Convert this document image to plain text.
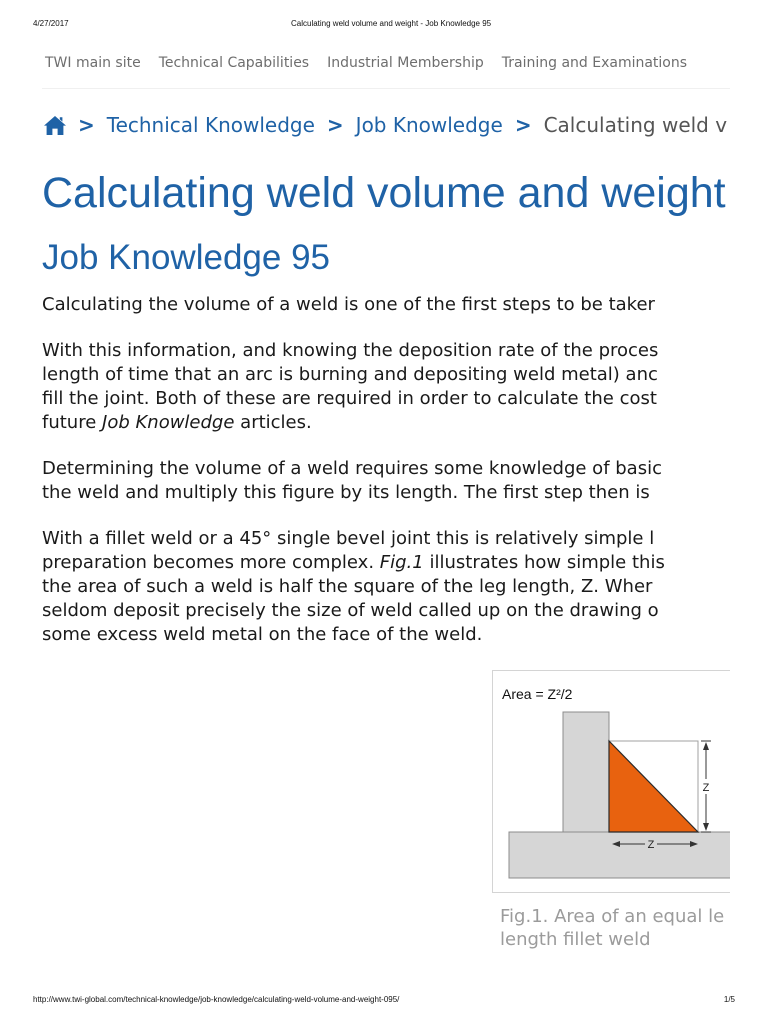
4/27/2017	Calculating weld volume and weight - Job Knowledge 95
TWI main site Technical Capabilities Industrial Membership Training and Examinations
> Technical Knowledge > Job Knowledge > Calculating weld v
Calculating weld volume and weight
Job Knowledge 95

Calculating the volume of a weld is one of the first steps to be taker

With this information, and knowing the deposition rate of the proces
length of time that an arc is burning and depositing weld metal) anc
fill the joint. Both of these are required in order to calculate the cost
future Job Knowledge articles.

Determining the volume of a weld requires some knowledge of basic
the weld and multiply this figure by its length. The first step then is

With a fillet weld or a 45° single bevel joint this is relatively simple l
preparation becomes more complex. Fig.1 illustrates how simple this
the area of such a weld is half the square of the leg length, Z. Wher
seldom deposit precisely the size of weld called up on the drawing o
some excess weld metal on the face of the weld.

Area = Z²/2
Z
Z
Fig.1. Area of an equal le
length fillet weld
http://www.twi-global.com/technical-knowledge/job-knowledge/calculating-weld-volume-and-weight-095/	1/5
